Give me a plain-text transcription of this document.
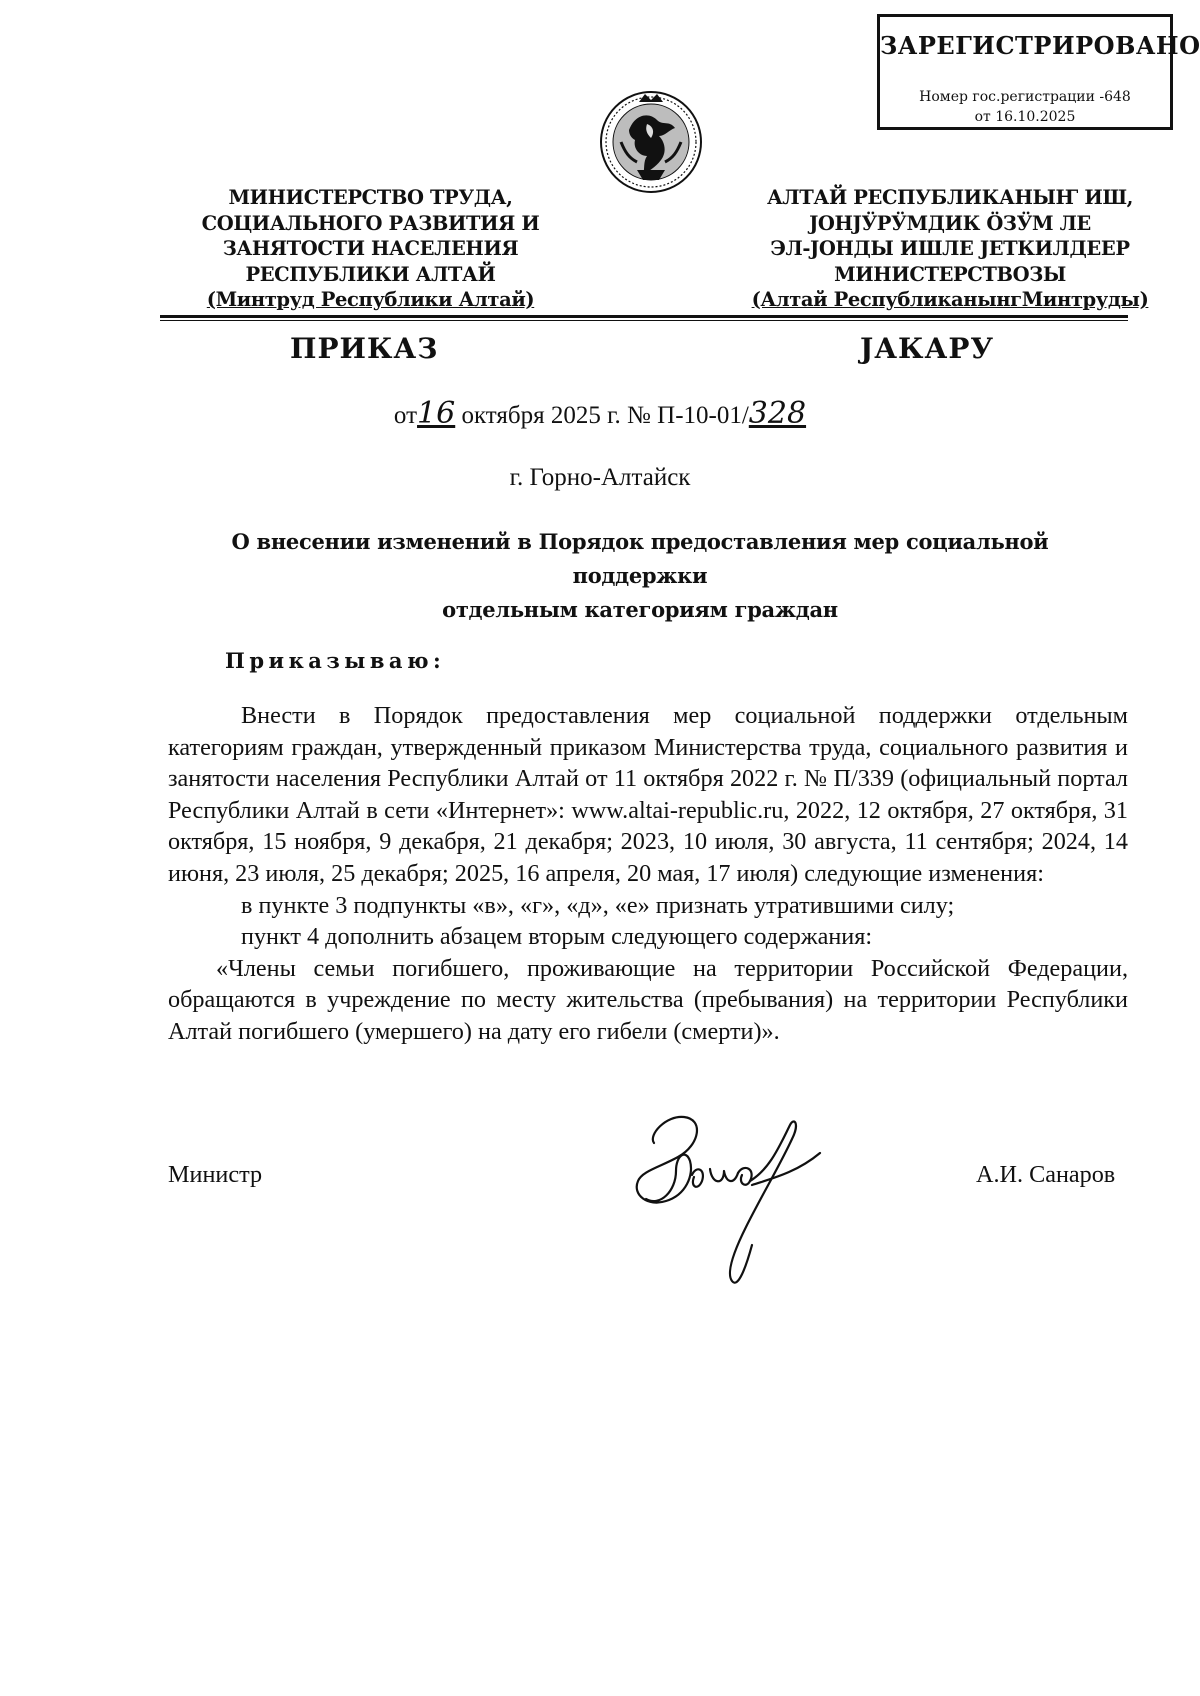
ЗАРЕГИСТРИРОВАНО
Номер гос.регистрации -648
от 16.10.2025
МИНИСТЕРСТВО ТРУДА,
СОЦИАЛЬНОГО РАЗВИТИЯ И
ЗАНЯТОСТИ НАСЕЛЕНИЯ
РЕСПУБЛИКИ АЛТАЙ
(Минтруд Республики Алтай)
АЛТАЙ РЕСПУБЛИКАНЫҤ ИШ,
ЈОНЈӰРӰМДИК ӦЗӰМ ЛЕ
ЭЛ-ЈОНДЫ ИШЛЕ ЈЕТКИЛДЕЕР
МИНИСТЕРСТВОЗЫ
(Алтай РеспубликанынгМинтруды)
ПРИКАЗ	ЈАКАРУ
от16 октября 2025 г. № П-10-01/328
г. Горно-Алтайск
О внесении изменений в Порядок предоставления мер социальной поддержки
отдельным категориям граждан
Приказываю:

Внести в Порядок предоставления мер социальной поддержки отдельным категориям граждан, утвержденный приказом Министерства труда, социального развития и занятости населения Республики Алтай от 11 октября 2022 г. № П/339 (официальный портал Республики Алтай в сети «Интернет»: www.altai-republic.ru, 2022, 12 октября, 27 октября, 31 октября, 15 ноября, 9 декабря, 21 декабря; 2023, 10 июля, 30 августа, 11 сентября; 2024, 14 июня, 23 июля, 25 декабря; 2025, 16 апреля, 20 мая, 17 июля) следующие изменения:

в пункте 3 подпункты «в», «г», «д», «е» признать утратившими силу;

пункт 4 дополнить абзацем вторым следующего содержания:

«Члены семьи погибшего, проживающие на территории Российской Федерации, обращаются в учреждение по месту жительства (пребывания) на территории Республики Алтай погибшего (умершего) на дату его гибели (смерти)».

Министр	А.И. Санаров
